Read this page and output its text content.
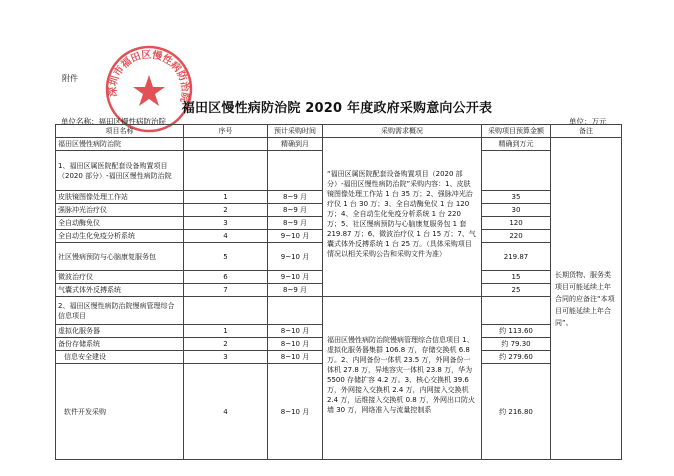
附件
深圳市福田区慢性病防治院
福田区慢性病防治院 2020 年度政府采购意向公开表
单位名称：福田区慢性病防治院	单位：万元
项目名称	序号	预计采购时间	采购需求概况	采购项目预算金额	备注
福田区慢性病防治院		精确到月	“福田区属医院配套设备购置项目（2020 部分）-福田区慢性病防治院”采购内容：1、皮肤镜图像处理工作站 1 台 35 万；2、强脉冲光治疗仪 1 台 30 万；3、全自动酶免仪 1 台 120 万；4、全自动生化免疫分析系统 1 台 220 万；5、社区慢病预防与心脑康复服务包 1 套 219.87 万；6、微波治疗仪 1 台 15 万；7、气囊式体外反搏系统 1 台 25 万。（具体采购项目情况以相关采购公告和采购文件为准）	精确到万元	长期货物、服务类项目可能延续上年合同的应备注“本项目可能延续上年合同”。
1、福田区属医院配套设备购置项目（2020 部分）-福田区慢性病防治院					
皮肤镜图像处理工作站	1	8~9 月		35	
强脉冲光治疗仪	2	8~9 月		30	
全自动酶免仪	3	8~9 月		120	
全自动生化免疫分析系统	4	9~10 月		220	
社区慢病预防与心脑康复服务包	5	9~10 月		219.87	
微波治疗仪	6	9~10 月		15	
气囊式体外反搏系统	7	8~9 月		25	
2、福田区慢性病防治院慢病管理综合信息项目			福田区慢性病防治院慢病管理综合信息项目 1、虚拟化服务器集群 106.8 万，存储交换机 6.8 万。2、内网备份一体机 23.5 万，外网备份一体机 27.8 万，异地容灾一体机 23.8 万，华为 5500 存储扩容 4.2 万。3、核心交换机 39.6 万，外网接入交换机 2.4 万，内网接入交换机 2.4 万，运维接入交换机 0.8 万，外网出口防火墙 30 万，网络准入与流量控制系		

虚拟化服务器	1	8~10 月		约 113.60	
备份存储系统	2	8~10 月		约 79.30	
信息安全建设	3	8~10 月		约 279.60	
软件开发采购	4	8~10 月		约 216.80	
